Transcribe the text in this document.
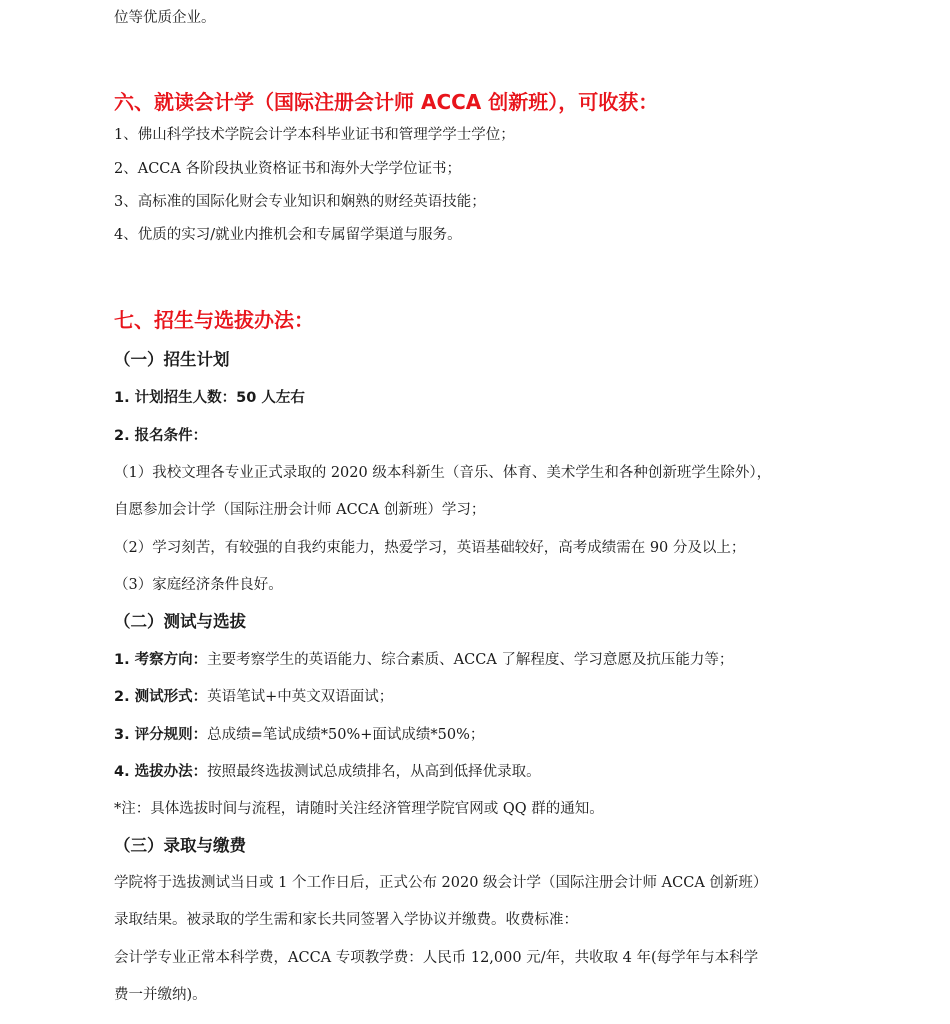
位等优质企业。
六、就读会计学（国际注册会计师 ACCA 创新班），可收获：
1、佛山科学技术学院会计学本科毕业证书和管理学学士学位；
2、ACCA 各阶段执业资格证书和海外大学学位证书；
3、高标准的国际化财会专业知识和娴熟的财经英语技能；
4、优质的实习/就业内推机会和专属留学渠道与服务。
七、招生与选拔办法：
（一）招生计划
1. 计划招生人数：50 人左右
2. 报名条件：
（1）我校文理各专业正式录取的 2020 级本科新生（音乐、体育、美术学生和各种创新班学生除外），
自愿参加会计学（国际注册会计师 ACCA 创新班）学习；
（2）学习刻苦，有较强的自我约束能力，热爱学习，英语基础较好，高考成绩需在 90 分及以上；
（3）家庭经济条件良好。
（二）测试与选拔
1. 考察方向：主要考察学生的英语能力、综合素质、ACCA 了解程度、学习意愿及抗压能力等；
2. 测试形式：英语笔试+中英文双语面试；
3. 评分规则：总成绩=笔试成绩*50%+面试成绩*50%；
4. 选拔办法：按照最终选拔测试总成绩排名，从高到低择优录取。
*注：具体选拔时间与流程，请随时关注经济管理学院官网或 QQ 群的通知。
（三）录取与缴费
学院将于选拔测试当日或 1 个工作日后，正式公布 2020 级会计学（国际注册会计师 ACCA 创新班）
录取结果。被录取的学生需和家长共同签署入学协议并缴费。收费标准：
会计学专业正常本科学费，ACCA 专项教学费：人民币 12,000 元/年，共收取 4 年(每学年与本科学
费一并缴纳)。
